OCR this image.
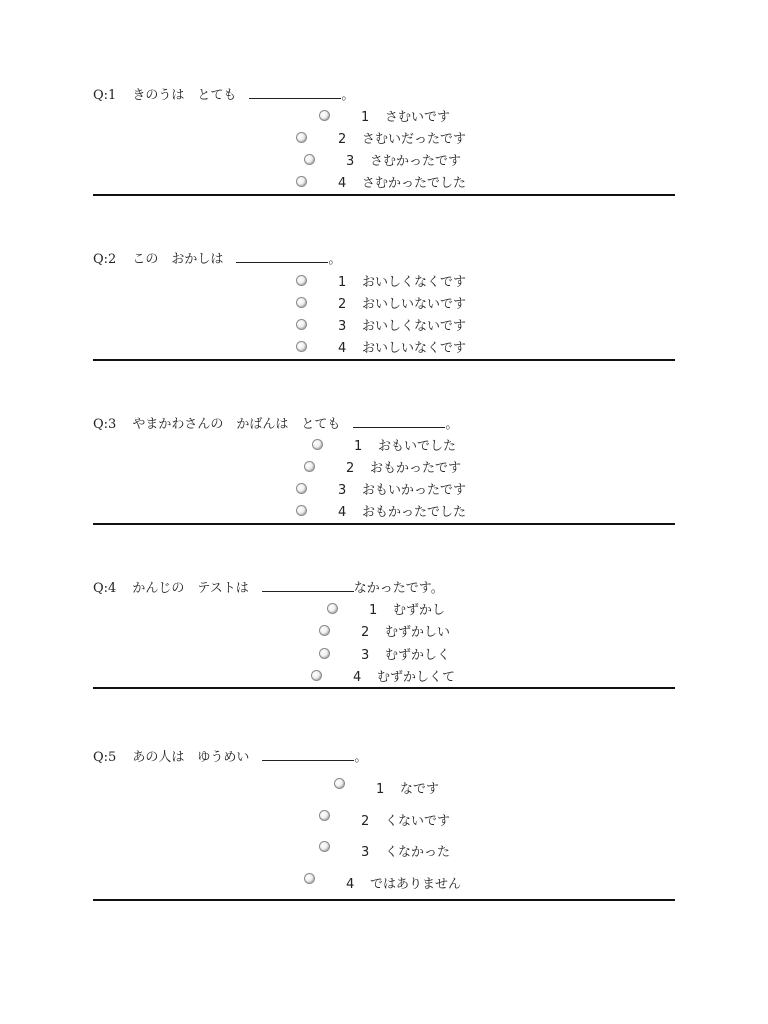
Q:1 きのうは　とても　	。
1 さむいです
2 さむいだったです
3 さむかったです
4 さむかったでした
Q:2 この　おかしは　	。
1 おいしくなくです
2 おいしいないです
3 おいしくないです
4 おいしいなくです
Q:3 やまかわさんの　かばんは　とても　	。
1 おもいでした
2 おもかったです
3 おもいかったです
4 おもかったでした
Q:4 かんじの　テストは　	なかったです。
1 むずかし
2 むずかしい
3 むずかしく
4 むずかしくて
Q:5 あの人は　ゆうめい　	。
1 なです
2 くないです
3 くなかった
4 ではありません
